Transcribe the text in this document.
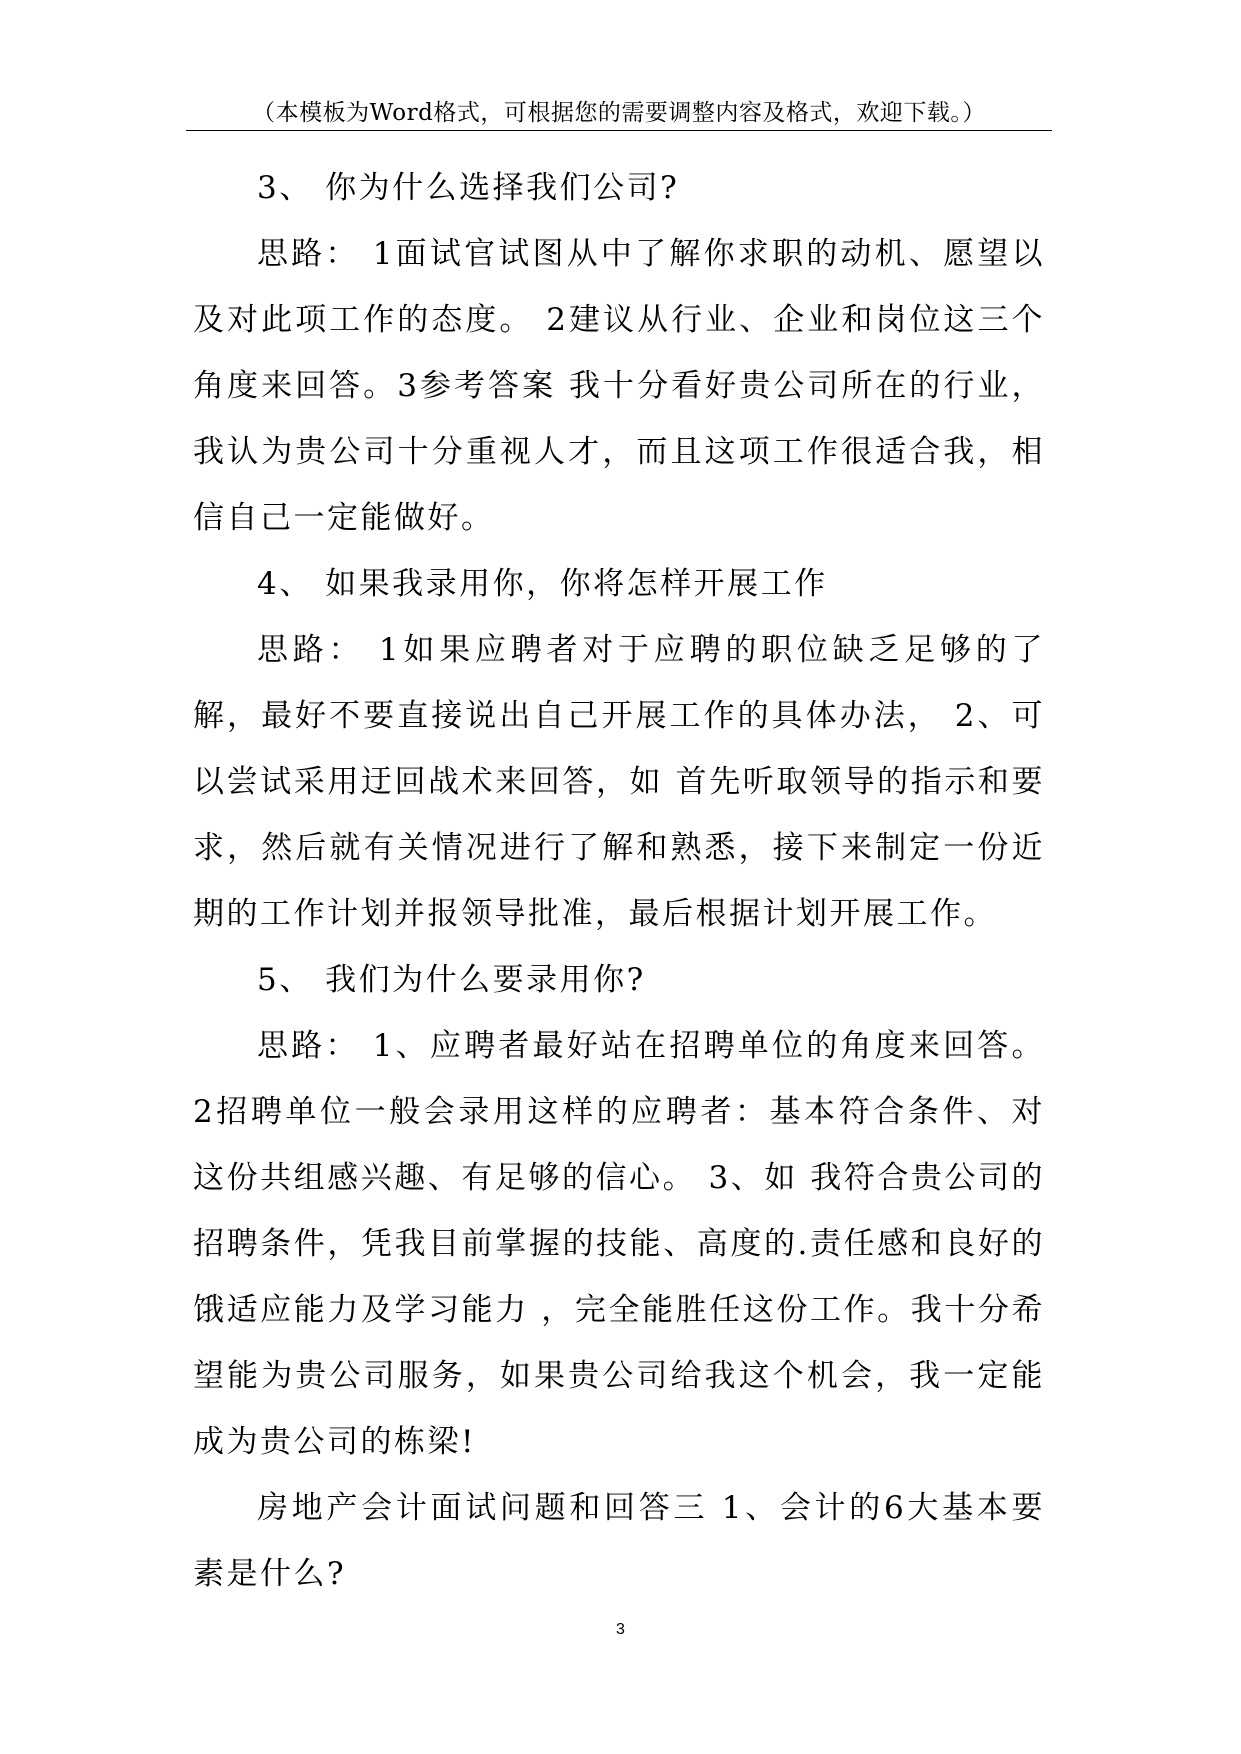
（本模板为Word格式，可根据您的需要调整内容及格式，欢迎下载。）

3、 你为什么选择我们公司?

思路： 1面试官试图从中了解你求职的动机、愿望以及对此项工作的态度。 2建议从行业、企业和岗位这三个角度来回答。3参考答案 我十分看好贵公司所在的行业，我认为贵公司十分重视人才，而且这项工作很适合我，相信自己一定能做好。

4、 如果我录用你，你将怎样开展工作

思路： 1如果应聘者对于应聘的职位缺乏足够的了解，最好不要直接说出自己开展工作的具体办法， 2、可以尝试采用迂回战术来回答，如 首先听取领导的指示和要求，然后就有关情况进行了解和熟悉，接下来制定一份近期的工作计划并报领导批准，最后根据计划开展工作。

5、 我们为什么要录用你?

思路： 1、应聘者最好站在招聘单位的角度来回答。 2招聘单位一般会录用这样的应聘者：基本符合条件、对这份共组感兴趣、有足够的信心。 3、如 我符合贵公司的招聘条件，凭我目前掌握的技能、高度的.责任感和良好的饿适应能力及学习能力 ，完全能胜任这份工作。我十分希望能为贵公司服务，如果贵公司给我这个机会，我一定能成为贵公司的栋梁!

房地产会计面试问题和回答三 1、会计的6大基本要素是什么?

3
